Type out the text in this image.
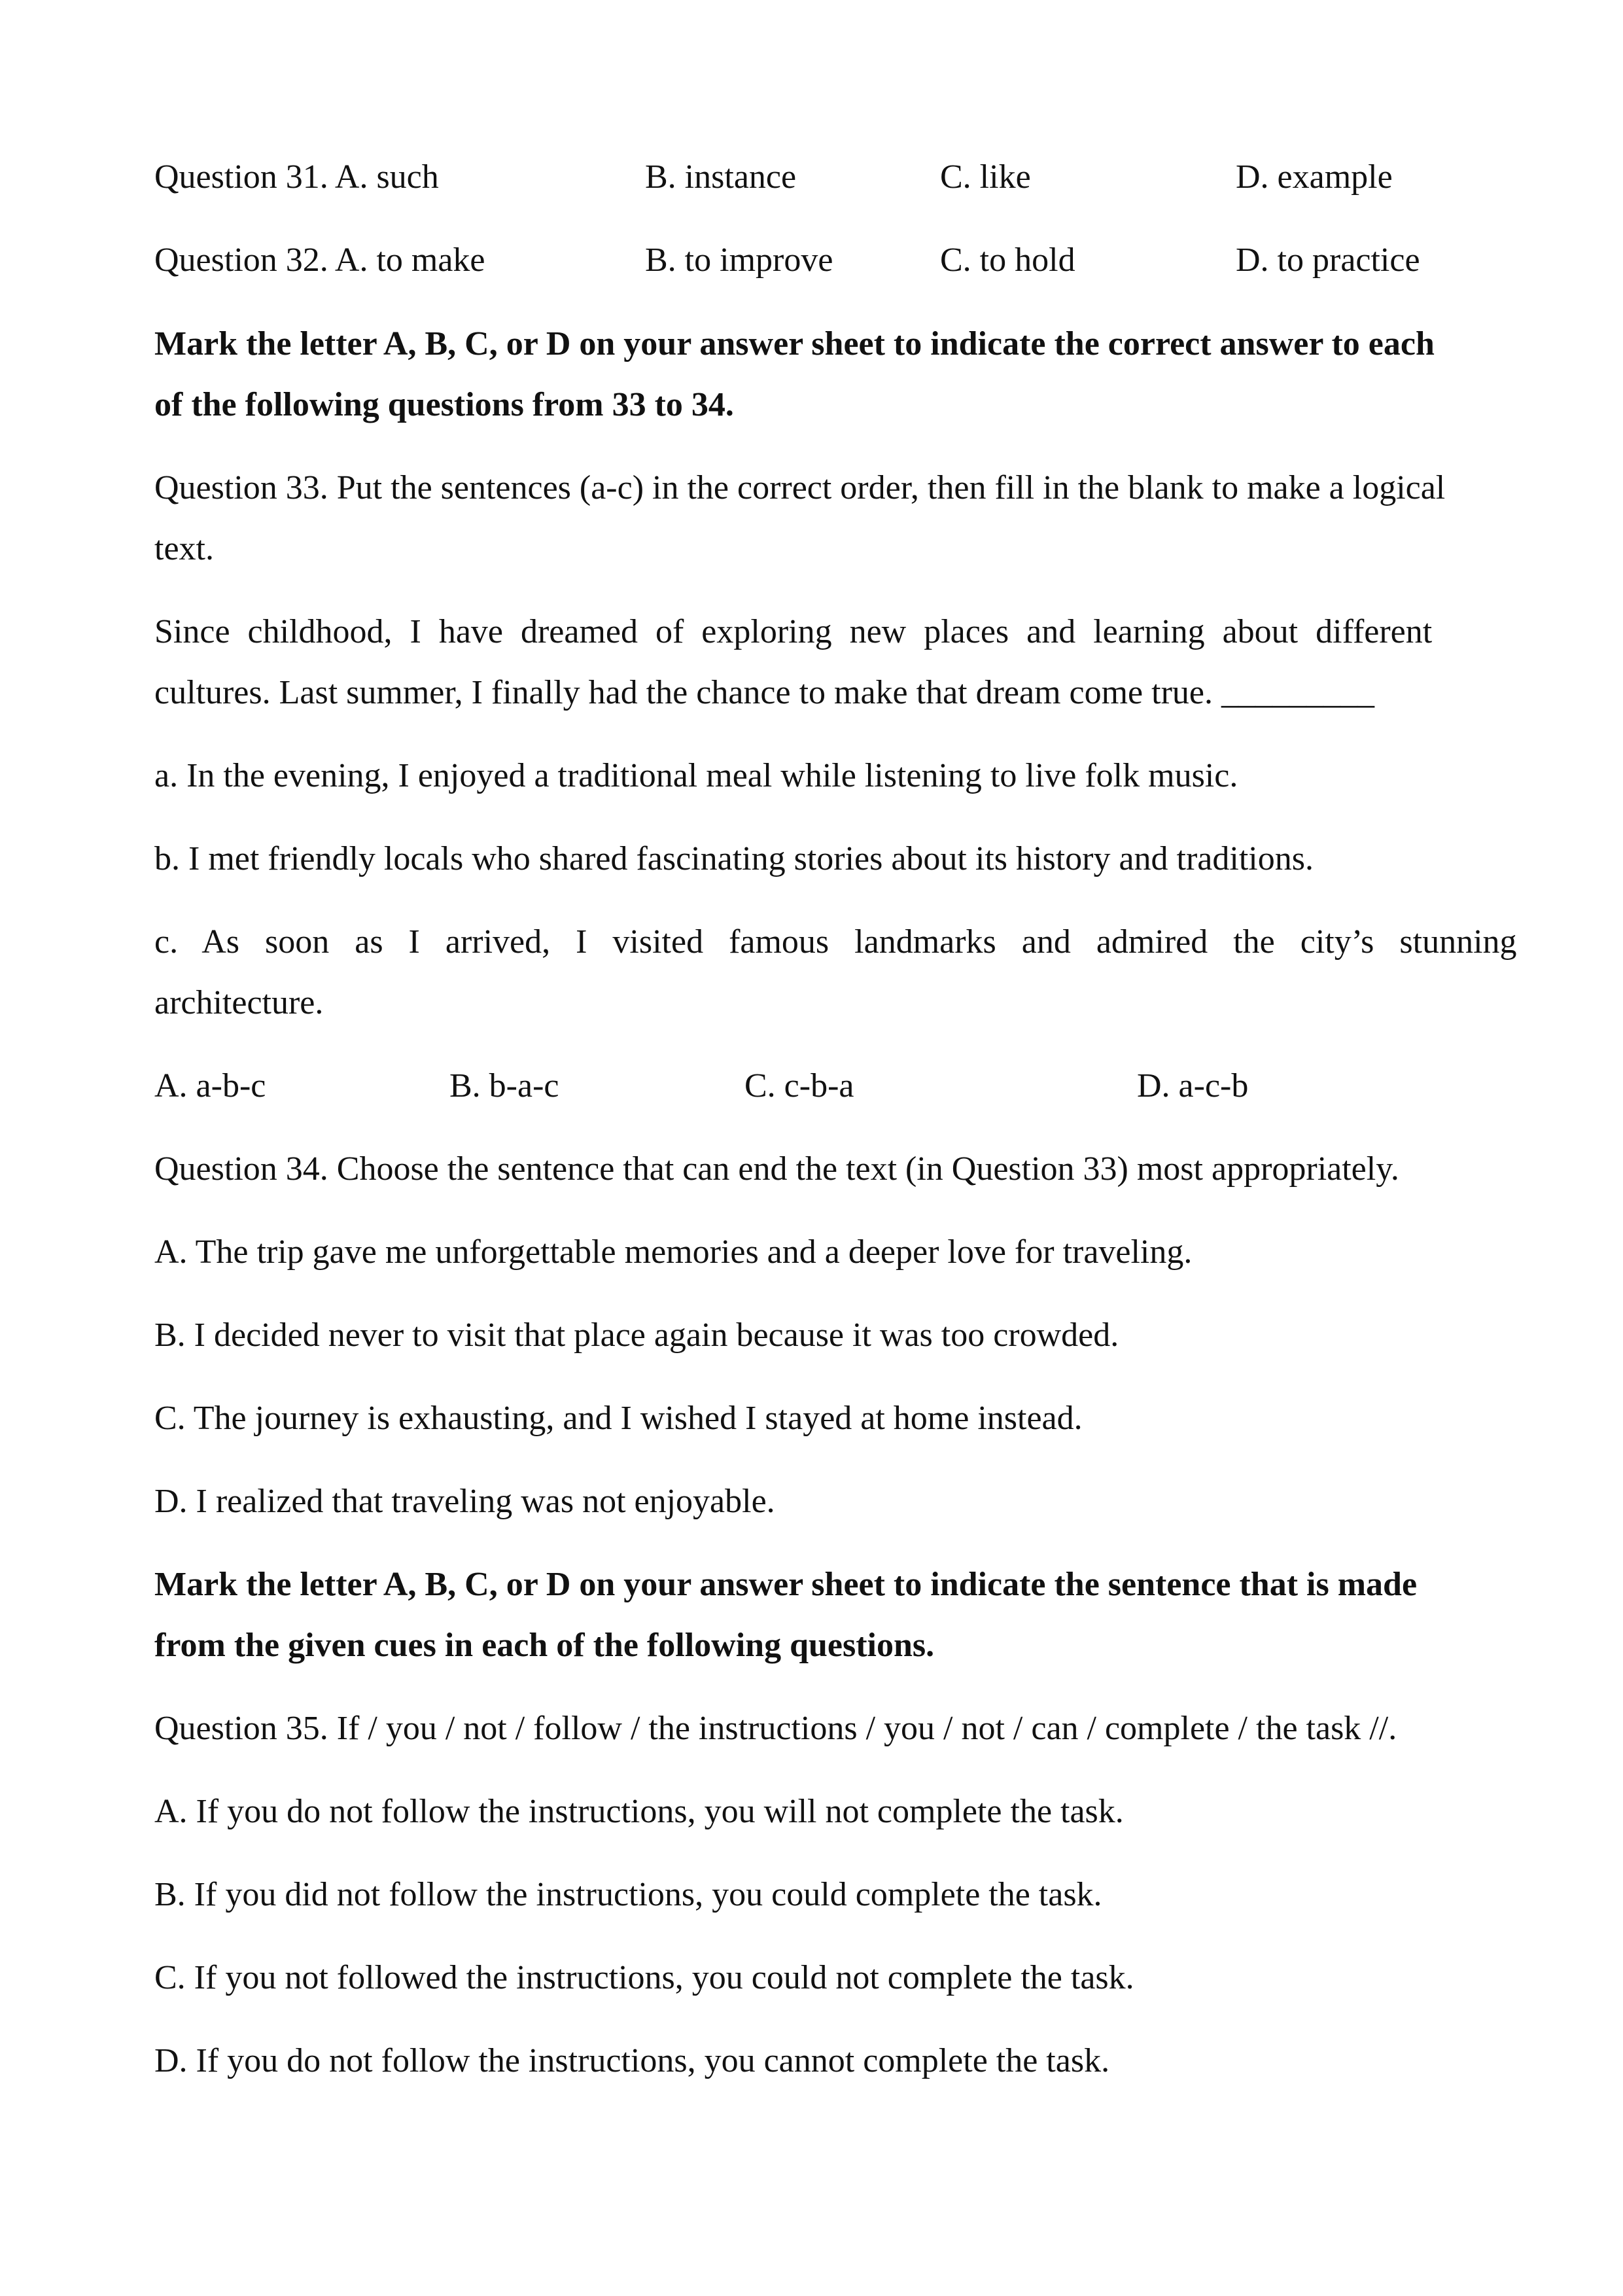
Question 31. A. such	B. instance	C. like	D. example
Question 32. A. to make	B. to improve	C. to hold	D. to practice
Mark the letter A, B, C, or D on your answer sheet to indicate the correct answer to each
of the following questions from 33 to 34.
Question 33. Put the sentences (a-c) in the correct order, then fill in the blank to make a logical
text.
Since childhood, I have dreamed of exploring new places and learning about different
cultures. Last summer, I finally had the chance to make that dream come true. _________
a. In the evening, I enjoyed a traditional meal while listening to live folk music.
b. I met friendly locals who shared fascinating stories about its history and traditions.
c. As soon as I arrived, I visited famous landmarks and admired the city’s stunning
architecture.
A. a-b-c	B. b-a-c	C. c-b-a	D. a-c-b
Question 34. Choose the sentence that can end the text (in Question 33) most appropriately.
A. The trip gave me unforgettable memories and a deeper love for traveling.
B. I decided never to visit that place again because it was too crowded.
C. The journey is exhausting, and I wished I stayed at home instead.
D. I realized that traveling was not enjoyable.
Mark the letter A, B, C, or D on your answer sheet to indicate the sentence that is made
from the given cues in each of the following questions.
Question 35. If / you / not / follow / the instructions / you / not / can / complete / the task //.
A. If you do not follow the instructions, you will not complete the task.
B. If you did not follow the instructions, you could complete the task.
C. If you not followed the instructions, you could not complete the task.
D. If you do not follow the instructions, you cannot complete the task.
